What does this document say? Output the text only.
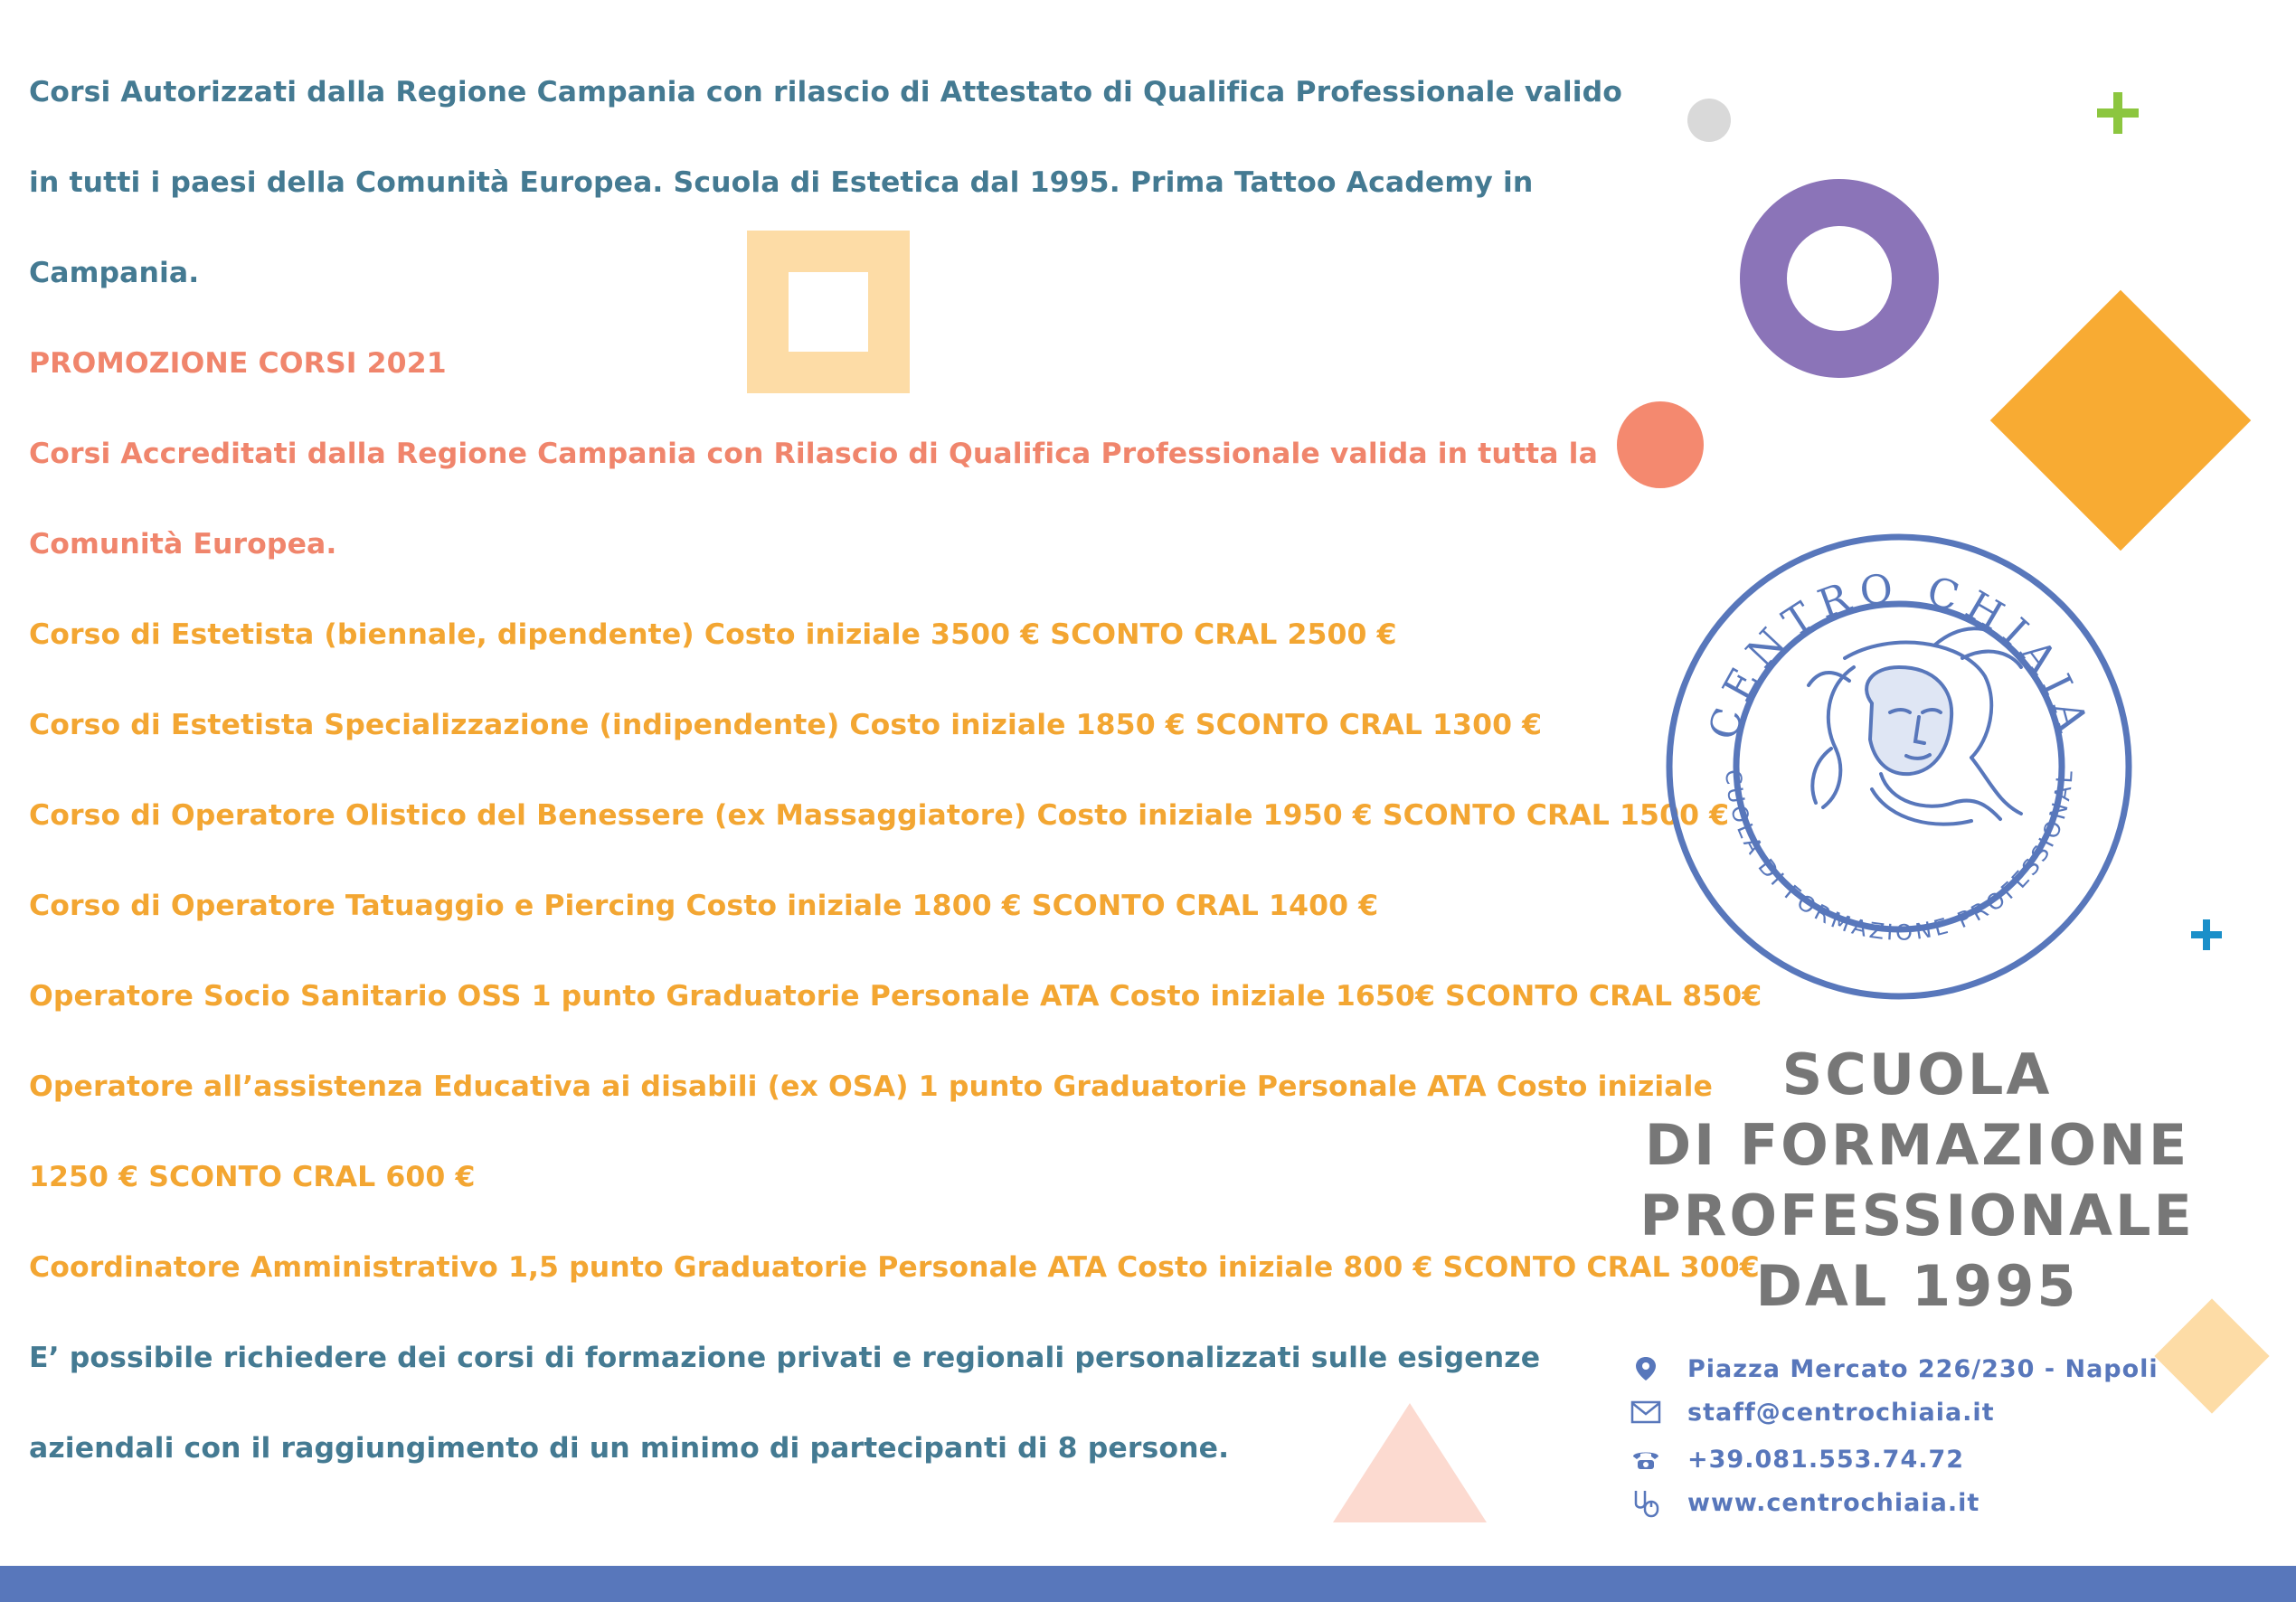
Corsi Autorizzati dalla Regione Campania con rilascio di Attestato di Qualifica Professionale valido
in tutti i paesi della Comunità Europea. Scuola di Estetica dal 1995. Prima Tattoo Academy in
Campania.
PROMOZIONE CORSI 2021
Corsi Accreditati dalla Regione Campania con Rilascio di Qualifica Professionale valida in tutta la
Comunità Europea.
Corso di Estetista (biennale, dipendente) Costo iniziale 3500 € SCONTO CRAL 2500 €
Corso di Estetista Specializzazione (indipendente) Costo iniziale 1850 € SCONTO CRAL 1300 €
Corso di Operatore Olistico del Benessere (ex Massaggiatore) Costo iniziale 1950 € SCONTO CRAL 1500 €
Corso di Operatore Tatuaggio e Piercing Costo iniziale 1800 € SCONTO CRAL 1400 €
Operatore Socio Sanitario OSS 1 punto Graduatorie Personale ATA Costo iniziale 1650€ SCONTO CRAL 850€
Operatore all’assistenza Educativa ai disabili (ex OSA) 1 punto Graduatorie Personale ATA Costo iniziale
1250 € SCONTO CRAL 600 €
Coordinatore Amministrativo 1,5 punto Graduatorie Personale ATA Costo iniziale 800 € SCONTO CRAL 300€
E’ possibile richiedere dei corsi di formazione privati e regionali personalizzati sulle esigenze
aziendali con il raggiungimento di un minimo di partecipanti di 8 persone.
CENTRO CHIAIA
CUOLA DI FORMAZIONE PROFESSIONAL
SCUOLA
DI FORMAZIONE
PROFESSIONALE
DAL 1995
Piazza Mercato 226/230 - Napoli
staff@centrochiaia.it
+39.081.553.74.72
www.centrochiaia.it
